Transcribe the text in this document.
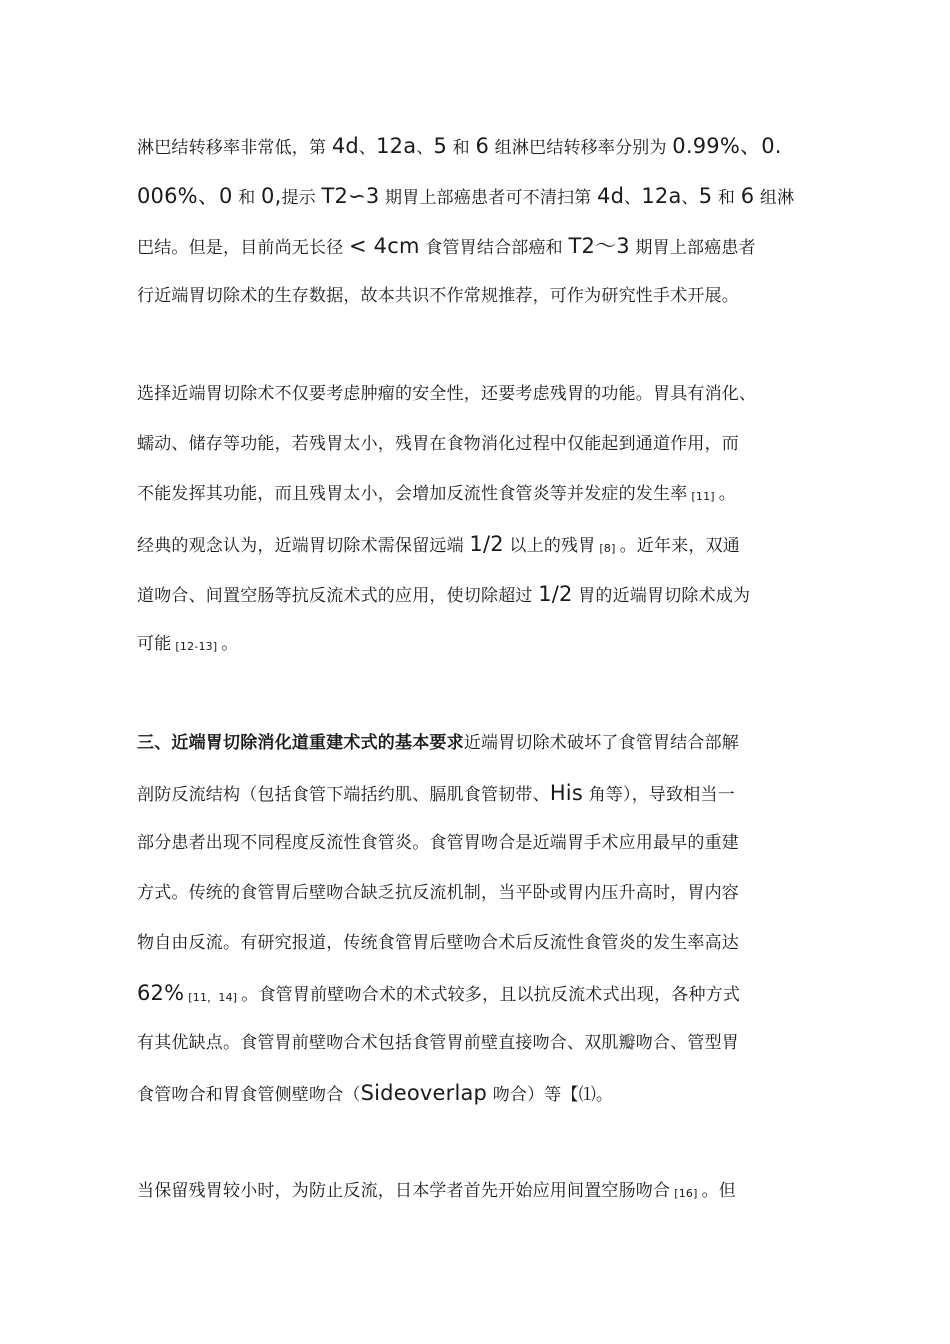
淋巴结转移率非常低，第 4d、12a、5 和 6 组淋巴结转移率分别为 0.99%、0.
006%、0 和 0,提示 T2∽3 期胃上部癌患者可不清扫第 4d、12a、5 和 6 组淋
巴结。但是，目前尚无长径 < 4cm 食管胃结合部癌和 T2～3 期胃上部癌患者
行近端胃切除术的生存数据，故本共识不作常规推荐，可作为研究性手术开展。
选择近端胃切除术不仅要考虑肿瘤的安全性，还要考虑残胃的功能。胃具有消化、
蠕动、储存等功能，若残胃太小，残胃在食物消化过程中仅能起到通道作用，而
不能发挥其功能，而且残胃太小，会增加反流性食管炎等并发症的发生率 [11] 。
经典的观念认为，近端胃切除术需保留远端 1/2 以上的残胃 [8] 。近年来，双通
道吻合、间置空肠等抗反流术式的应用，使切除超过 1/2 胃的近端胃切除术成为
可能 [12-13] 。
三、近端胃切除消化道重建术式的基本要求近端胃切除术破坏了食管胃结合部解
剖防反流结构（包括食管下端括约肌、膈肌食管韧带、His 角等），导致相当一
部分患者出现不同程度反流性食管炎。食管胃吻合是近端胃手术应用最早的重建
方式。传统的食管胃后壁吻合缺乏抗反流机制，当平卧或胃内压升高时，胃内容
物自由反流。有研究报道，传统食管胃后壁吻合术后反流性食管炎的发生率高达
62% [11，14] 。食管胃前壁吻合术的术式较多，且以抗反流术式出现，各种方式
有其优缺点。食管胃前壁吻合术包括食管胃前壁直接吻合、双肌瓣吻合、管型胃
食管吻合和胃食管侧壁吻合（Sideoverlap 吻合）等【⑴。
当保留残胃较小时，为防止反流，日本学者首先开始应用间置空肠吻合 [16] 。但
